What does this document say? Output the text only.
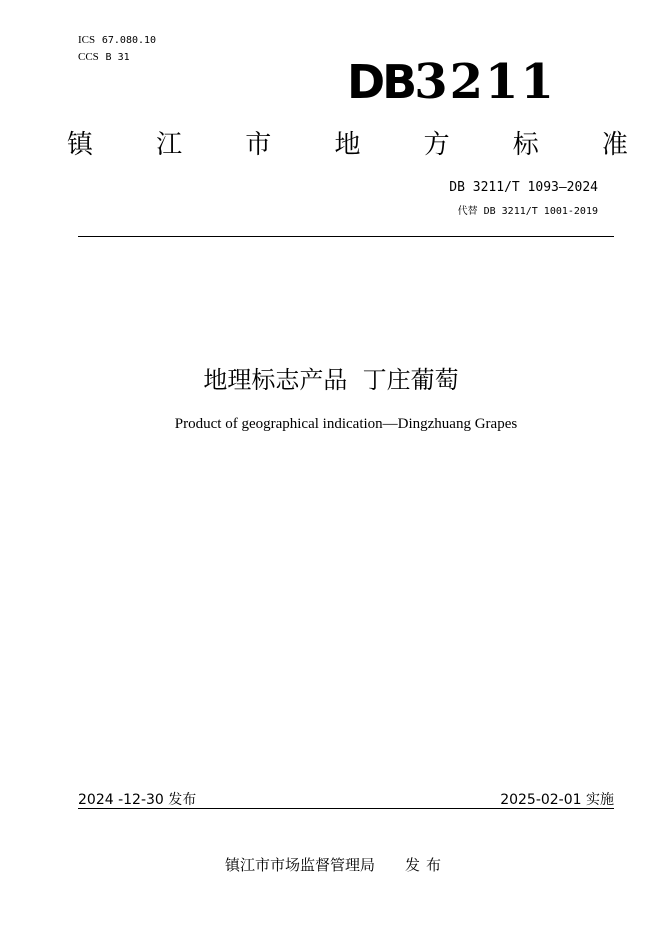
ICS 67.080.10
CCS B 31	DB3211
镇 江 市 地 方 标 准
DB 3211/T 1093—2024
代替 DB 3211/T 1001-2019
地理标志产品  丁庄葡萄
Product of geographical indication—Dingzhuang Grapes
2024 -12-30 发布	2025-02-01 实施
镇江市市场监督管理局 发布
